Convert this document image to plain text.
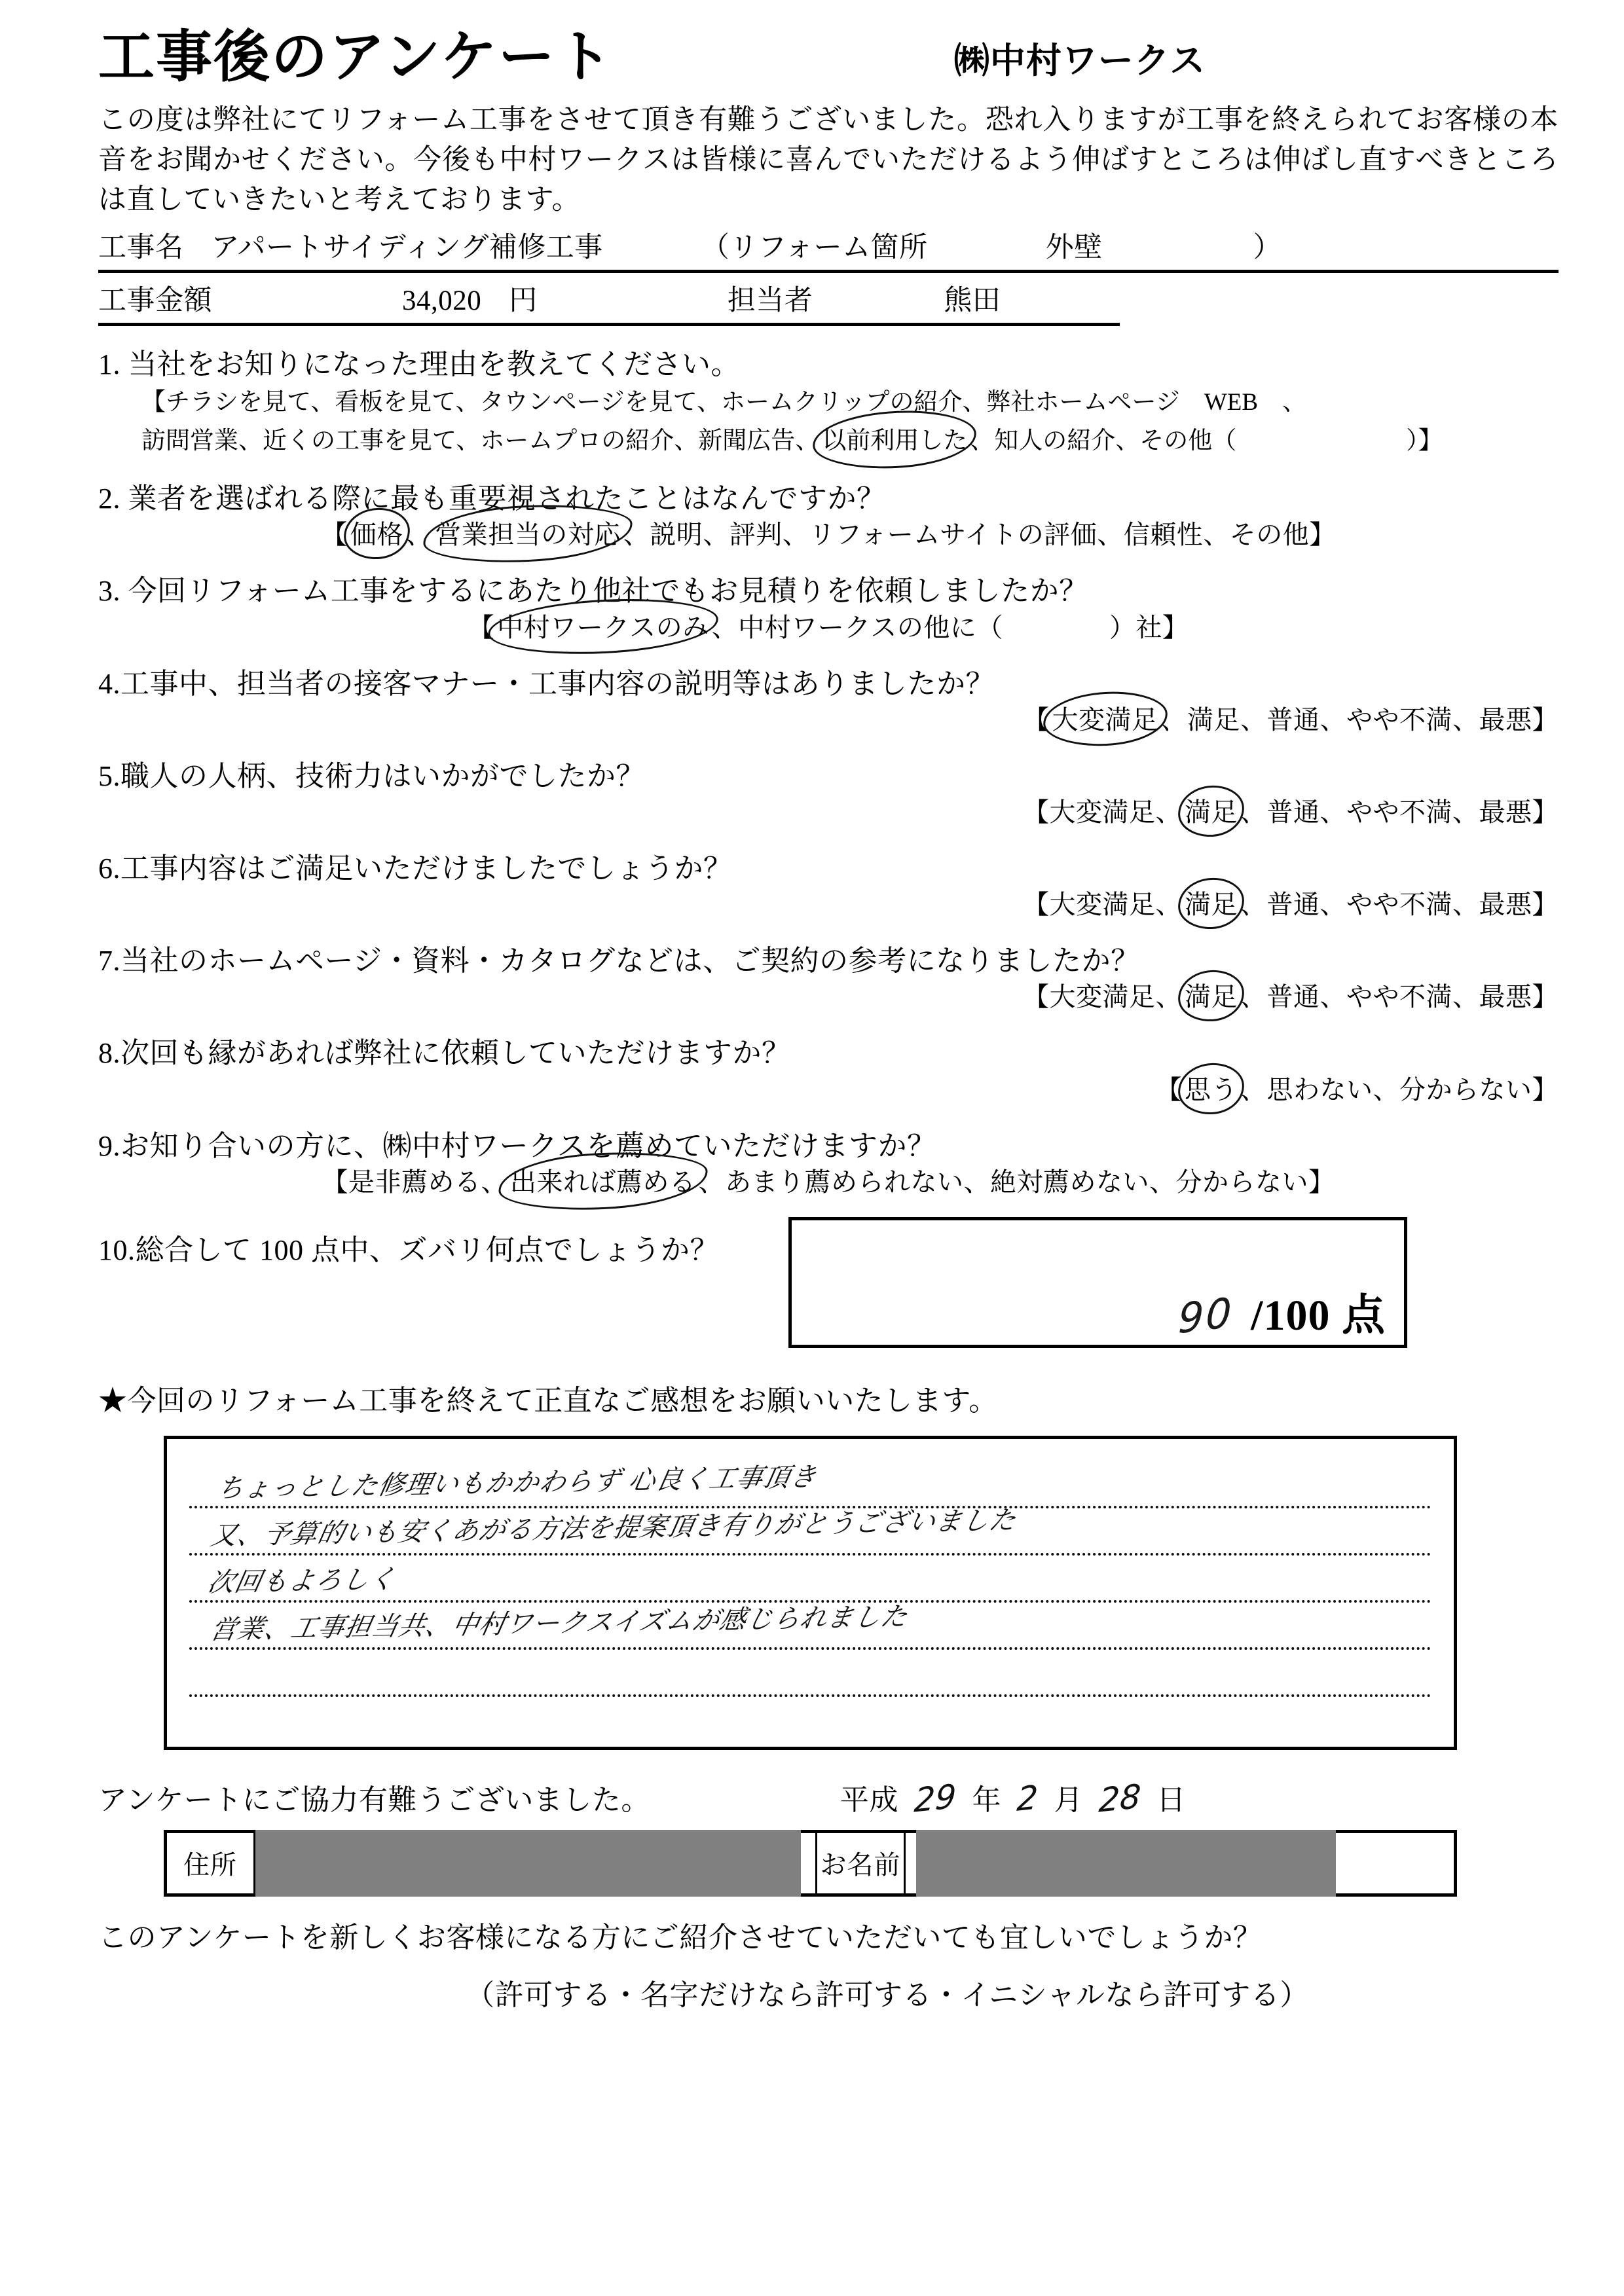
工事後のアンケート	㈱中村ワークス
この度は弊社にてリフォーム工事をさせて頂き有難うございました。恐れ入りますが工事を終えられてお客様の本音をお聞かせください。今後も中村ワークスは皆様に喜んでいただけるよう伸ばすところは伸ばし直すべきところは直していきたいと考えております。
工事名 アパートサイディング補修工事	（リフォーム箇所	外壁	）
工事金額	34,020 円	担当者	熊田
1. 当社をお知りになった理由を教えてください。
【チラシを見て、看板を見て、タウンページを見て、ホームクリップの紹介、弊社ホームページ　WEB　、
訪問営業、近くの工事を見て、ホームプロの紹介、新聞広告、 以前利用した 、知人の紹介、その他（　　　　　　　）】
2. 業者を選ばれる際に最も重要視されたことはなんですか？
【 価格 、 営業担当の対応 、説明、評判、リフォームサイトの評価、信頼性、その他】
3. 今回リフォーム工事をするにあたり他社でもお見積りを依頼しましたか？
【 中村ワークスのみ 、中村ワークスの他に（　　　　）社】
4.工事中、担当者の接客マナー・工事内容の説明等はありましたか？
【 大変満足 、満足、普通、やや不満、最悪】
5.職人の人柄、技術力はいかがでしたか？
【大変満足、 満足 、普通、やや不満、最悪】
6.工事内容はご満足いただけましたでしょうか？
【大変満足、 満足 、普通、やや不満、最悪】
7.当社のホームページ・資料・カタログなどは、ご契約の参考になりましたか？
【大変満足、 満足 、普通、やや不満、最悪】
8.次回も縁があれば弊社に依頼していただけますか？
【 思う 、思わない、分からない】
9.お知り合いの方に、㈱中村ワークスを薦めていただけますか？
【是非薦める、 出来れば薦める 、あまり薦められない、絶対薦めない、分からない】
10.総合して 100 点中、ズバリ何点でしょうか？
90 /100 点
★今回のリフォーム工事を終えて正直なご感想をお願いいたします。
ちょっとした修理いもかかわらず 心良く工事頂き
又、予算的いも安くあがる方法を提案頂き有りがとうございました
次回もよろしく
営業、工事担当共、中村ワークスイズムが感じられました
アンケートにご協力有難うございました。	平成 29 年 2 月 28 日
住所	お名前
このアンケートを新しくお客様になる方にご紹介させていただいても宜しいでしょうか？
（許可する・名字だけなら許可する・イニシャルなら許可する）
